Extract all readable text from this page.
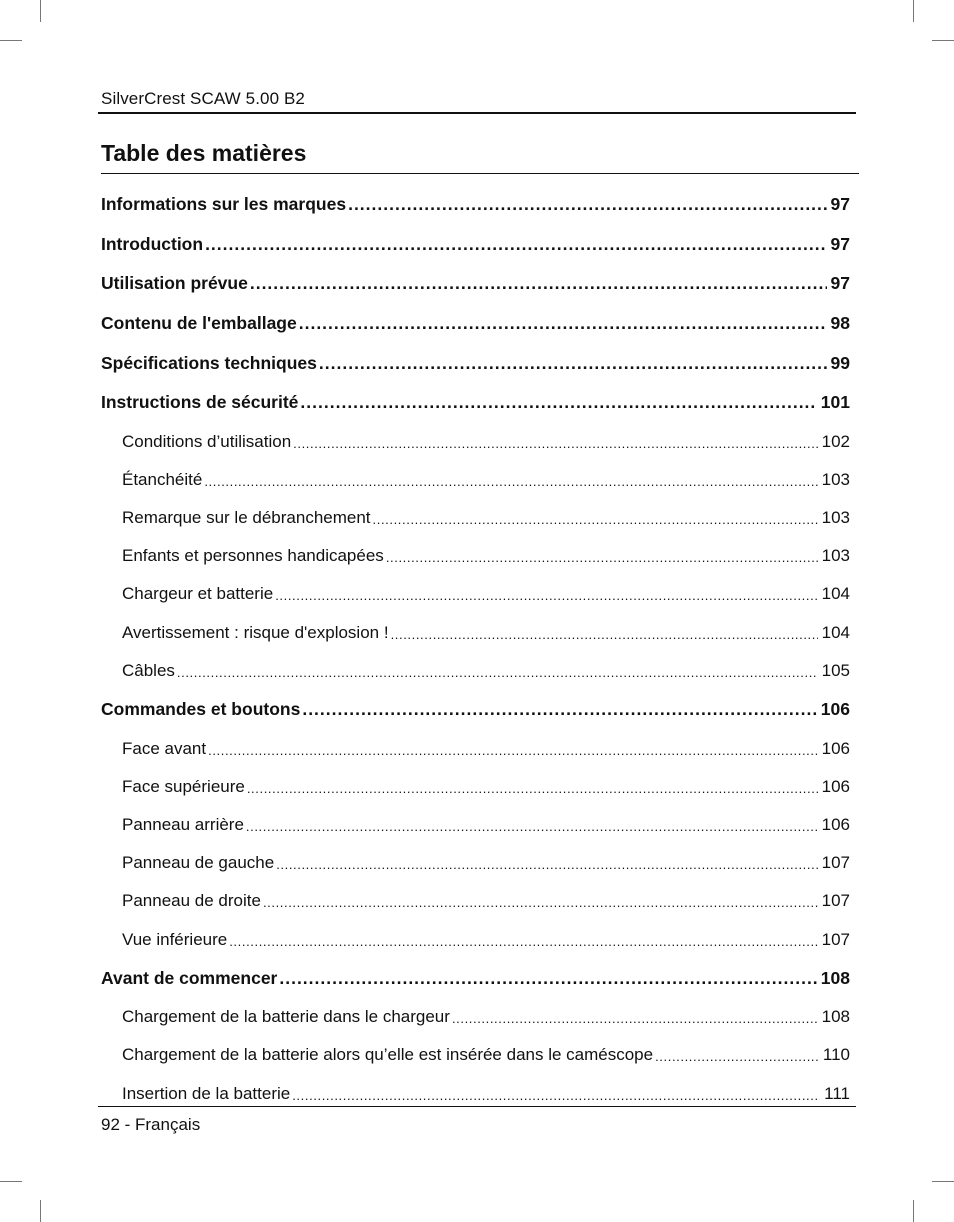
SilverCrest SCAW 5.00 B2
Table des matières
Informations sur les marques .....	97
Introduction .....	97
Utilisation prévue .....	97
Contenu de l'emballage .....	98
Spécifications techniques .....	99
Instructions de sécurité .....	101
Conditions d’utilisation .....	102
Étanchéité .....	103
Remarque sur le débranchement .....	103
Enfants et personnes handicapées .....	103
Chargeur et batterie .....	104
Avertissement : risque d'explosion ! .....	104
Câbles .....	105
Commandes et boutons .....	106
Face avant .....	106
Face supérieure .....	106
Panneau arrière .....	106
Panneau de gauche .....	107
Panneau de droite .....	107
Vue inférieure .....	107
Avant de commencer .....	108
Chargement de la batterie dans le chargeur .....	108
Chargement de la batterie alors qu’elle est insérée dans le caméscope .....	110
Insertion de la batterie .....	111
92 - Français
